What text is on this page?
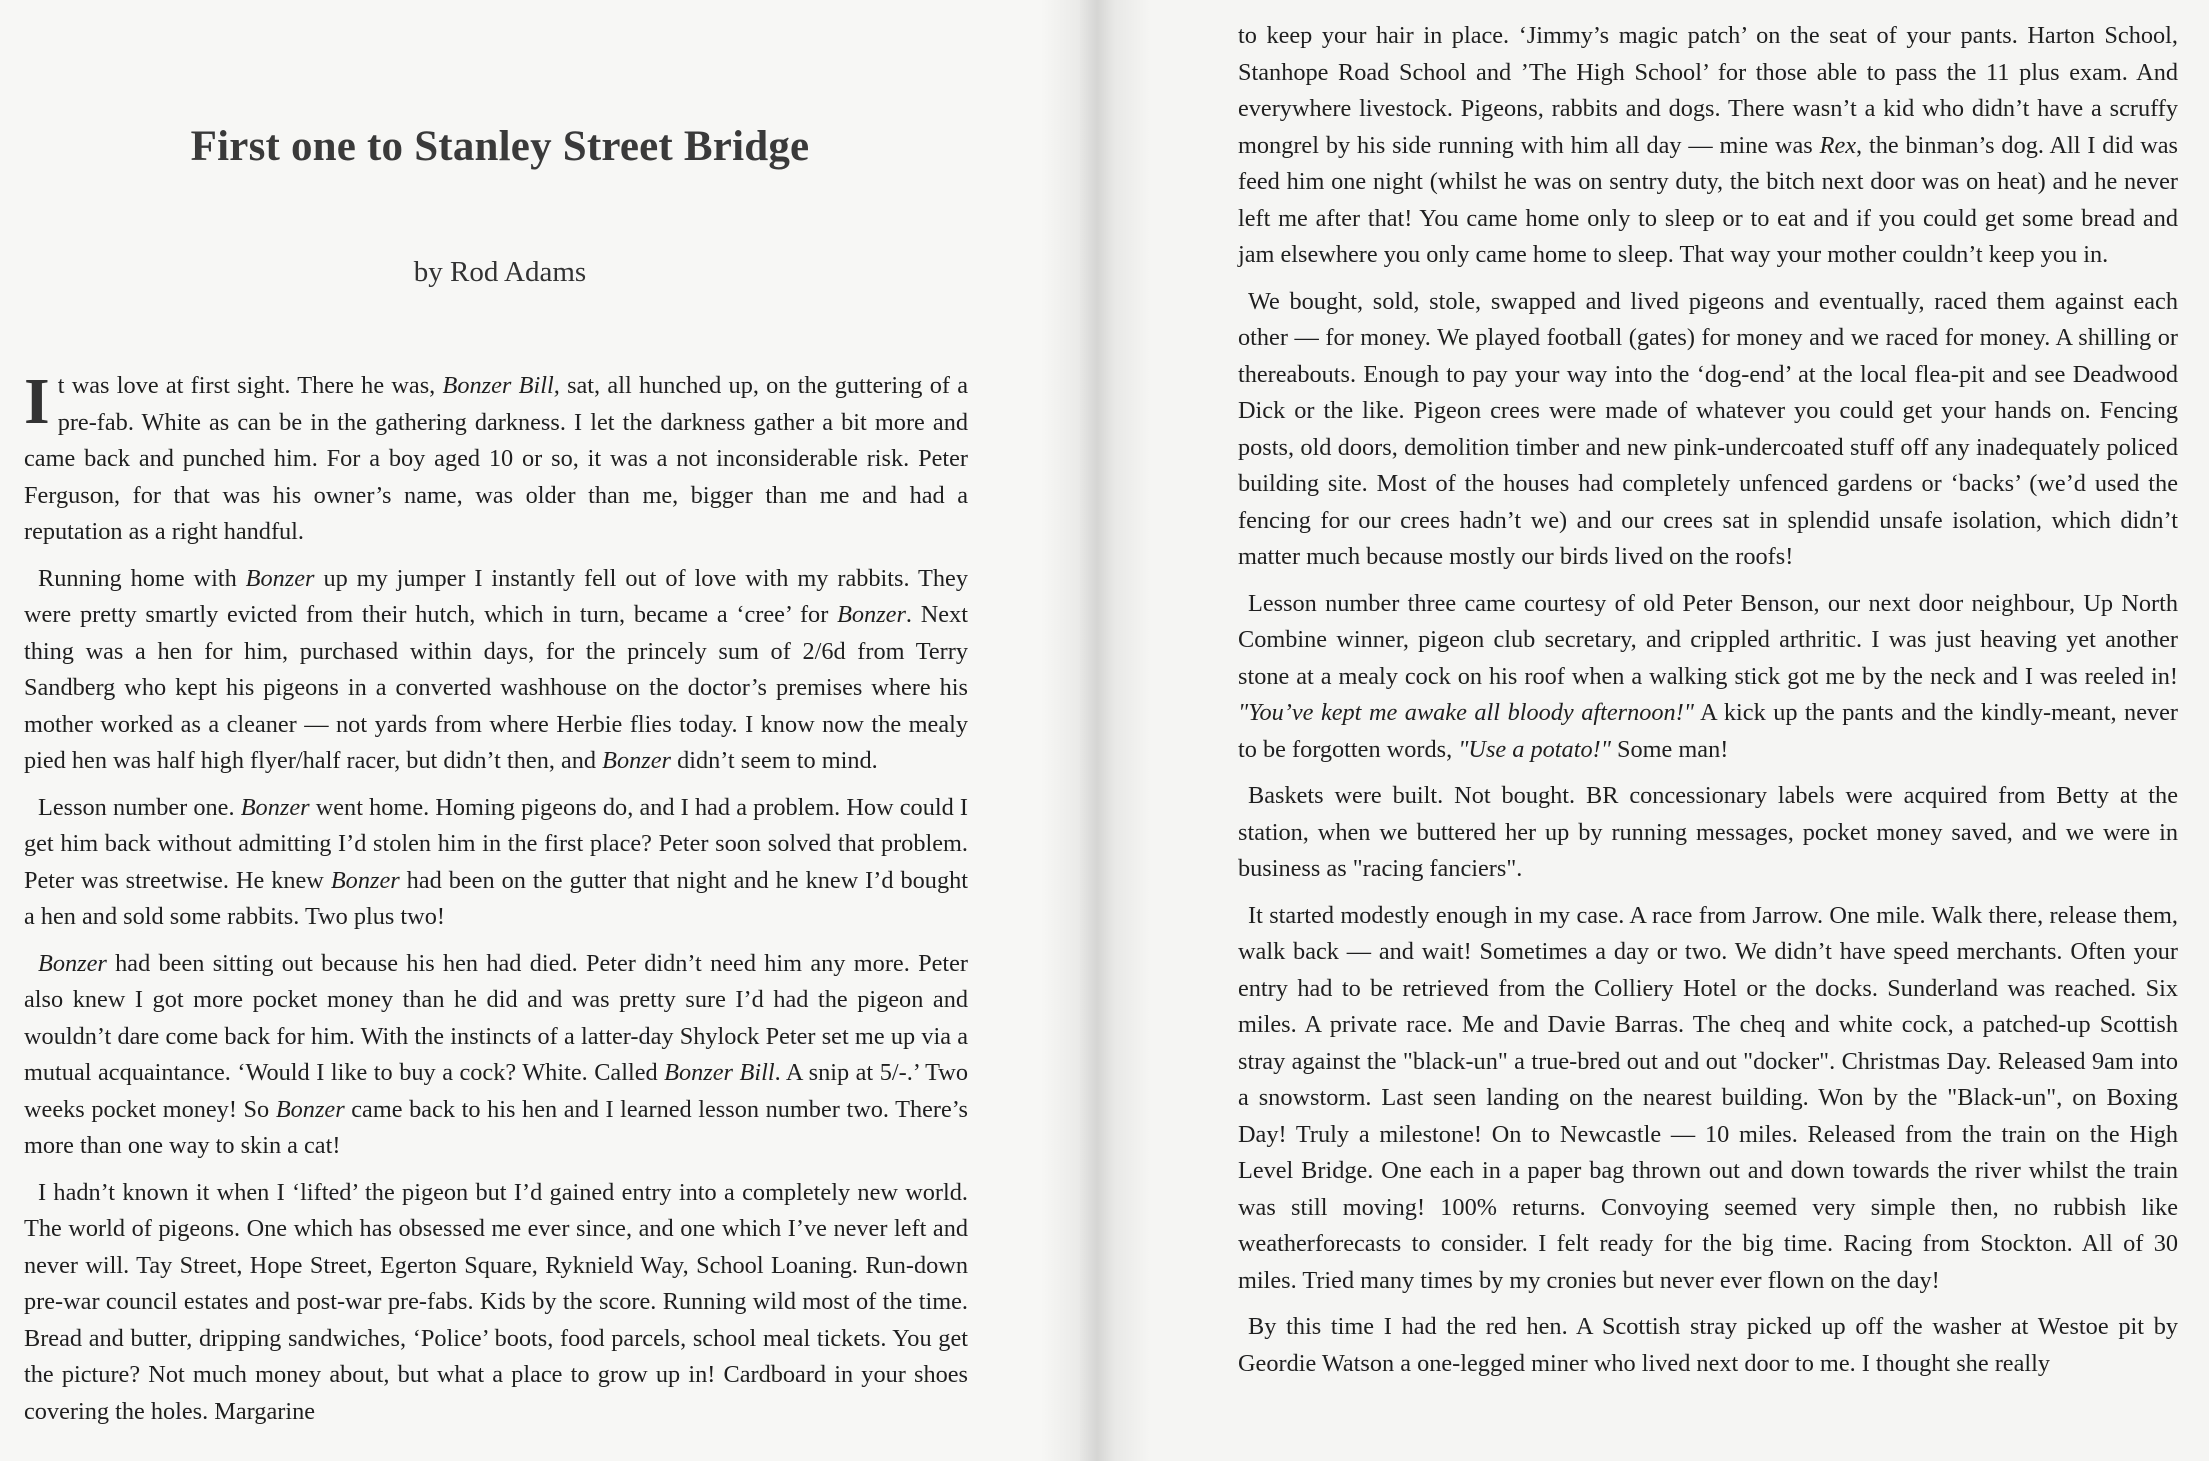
First one to Stanley Street Bridge
by Rod Adams

It was love at first sight. There he was, Bonzer Bill, sat, all hunched up, on the guttering of a pre-fab. White as can be in the gathering darkness. I let the darkness gather a bit more and came back and punched him. For a boy aged 10 or so, it was a not inconsiderable risk. Peter Ferguson, for that was his owner’s name, was older than me, bigger than me and had a reputation as a right handful.

Running home with Bonzer up my jumper I instantly fell out of love with my rabbits. They were pretty smartly evicted from their hutch, which in turn, became a ‘cree’ for Bonzer. Next thing was a hen for him, purchased within days, for the princely sum of 2/6d from Terry Sandberg who kept his pigeons in a converted washhouse on the doctor’s premises where his mother worked as a cleaner — not yards from where Herbie flies today. I know now the mealy pied hen was half high flyer/half racer, but didn’t then, and Bonzer didn’t seem to mind.

Lesson number one. Bonzer went home. Homing pigeons do, and I had a problem. How could I get him back without admitting I’d stolen him in the first place? Peter soon solved that problem. Peter was streetwise. He knew Bonzer had been on the gutter that night and he knew I’d bought a hen and sold some rabbits. Two plus two!

Bonzer had been sitting out because his hen had died. Peter didn’t need him any more. Peter also knew I got more pocket money than he did and was pretty sure I’d had the pigeon and wouldn’t dare come back for him. With the instincts of a latter-day Shylock Peter set me up via a mutual acquaintance. ‘Would I like to buy a cock? White. Called Bonzer Bill. A snip at 5/-.’ Two weeks pocket money! So Bonzer came back to his hen and I learned lesson number two. There’s more than one way to skin a cat!

I hadn’t known it when I ‘lifted’ the pigeon but I’d gained entry into a completely new world. The world of pigeons. One which has obsessed me ever since, and one which I’ve never left and never will. Tay Street, Hope Street, Egerton Square, Ryknield Way, School Loaning. Run-down pre-war council estates and post-war pre-fabs. Kids by the score. Running wild most of the time. Bread and butter, dripping sandwiches, ‘Police’ boots, food parcels, school meal tickets. You get the picture? Not much money about, but what a place to grow up in! Cardboard in your shoes covering the holes. Margarine

to keep your hair in place. ‘Jimmy’s magic patch’ on the seat of your pants. Harton School, Stanhope Road School and ’The High School’ for those able to pass the 11 plus exam. And everywhere livestock. Pigeons, rabbits and dogs. There wasn’t a kid who didn’t have a scruffy mongrel by his side running with him all day — mine was Rex, the binman’s dog. All I did was feed him one night (whilst he was on sentry duty, the bitch next door was on heat) and he never left me after that! You came home only to sleep or to eat and if you could get some bread and jam elsewhere you only came home to sleep. That way your mother couldn’t keep you in.

We bought, sold, stole, swapped and lived pigeons and eventually, raced them against each other — for money. We played football (gates) for money and we raced for money. A shilling or thereabouts. Enough to pay your way into the ‘dog-end’ at the local flea-pit and see Deadwood Dick or the like. Pigeon crees were made of whatever you could get your hands on. Fencing posts, old doors, demolition timber and new pink-undercoated stuff off any inadequately policed building site. Most of the houses had completely unfenced gardens or ‘backs’ (we’d used the fencing for our crees hadn’t we) and our crees sat in splendid unsafe isolation, which didn’t matter much because mostly our birds lived on the roofs!

Lesson number three came courtesy of old Peter Benson, our next door neighbour, Up North Combine winner, pigeon club secretary, and crippled arthritic. I was just heaving yet another stone at a mealy cock on his roof when a walking stick got me by the neck and I was reeled in! "You’ve kept me awake all bloody afternoon!" A kick up the pants and the kindly-meant, never to be forgotten words, "Use a potato!" Some man!

Baskets were built. Not bought. BR concessionary labels were acquired from Betty at the station, when we buttered her up by running messages, pocket money saved, and we were in business as "racing fanciers".

It started modestly enough in my case. A race from Jarrow. One mile. Walk there, release them, walk back — and wait! Sometimes a day or two. We didn’t have speed merchants. Often your entry had to be retrieved from the Colliery Hotel or the docks. Sunderland was reached. Six miles. A private race. Me and Davie Barras. The cheq and white cock, a patched-up Scottish stray against the "black-un" a true-bred out and out "docker". Christmas Day. Released 9am into a snowstorm. Last seen landing on the nearest building. Won by the "Black-un", on Boxing Day! Truly a milestone! On to Newcastle — 10 miles. Released from the train on the High Level Bridge. One each in a paper bag thrown out and down towards the river whilst the train was still moving! 100% returns. Convoying seemed very simple then, no rubbish like weatherforecasts to consider. I felt ready for the big time. Racing from Stockton. All of 30 miles. Tried many times by my cronies but never ever flown on the day!

By this time I had the red hen. A Scottish stray picked up off the washer at Westoe pit by Geordie Watson a one-legged miner who lived next door to me. I thought she really
